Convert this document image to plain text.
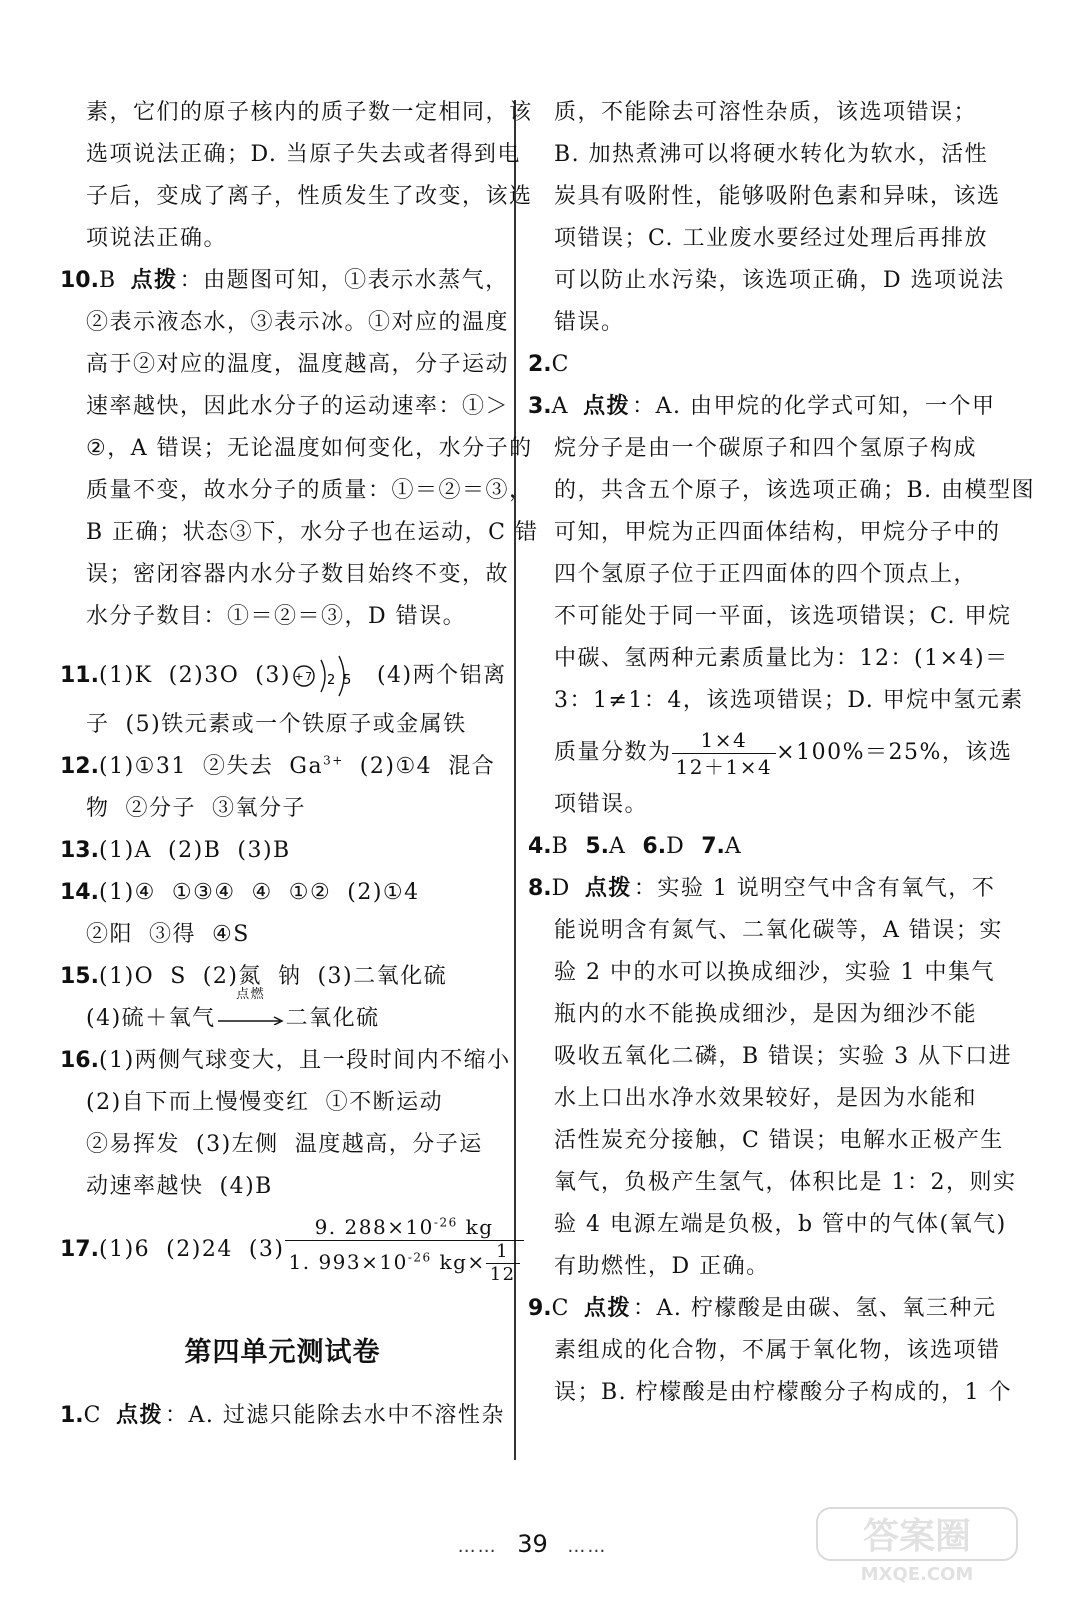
素，它们的原子核内的质子数一定相同，该

选项说法正确；D. 当原子失去或者得到电

子后，变成了离子，性质发生了改变，该选

项说法正确。

10.B 点拨：由题图可知，①表示水蒸气，

②表示液态水，③表示冰。①对应的温度

高于②对应的温度，温度越高，分子运动

速率越快，因此水分子的运动速率：①＞

②，A 错误；无论温度如何变化，水分子的

质量不变，故水分子的质量：①＝②＝③，

B 正确；状态③下，水分子也在运动，C 错

误；密闭容器内水分子数目始终不变，故

水分子数目：①＝②＝③，D 错误。

11.(1)K (2)3O (3) +7 2 5 (4)两个铝离

子 (5)铁元素或一个铁原子或金属铁

12.(1)①31 ②失去 $Ga^{3+}$ (2)①4 混合

物 ②分子 ③氧分子

13.(1)A (2)B (3)B

14.(1)④ ①③④ ④ ①② (2)①4

②阳 ③得 ④S

15.(1)O S (2)氮 钠 (3)二氧化硫

(4)硫＋氧气
点燃
二氧化硫

16.(1)两侧气球变大，且一段时间内不缩小

(2)自下而上慢慢变红 ①不断运动

②易挥发 (3)左侧 温度越高，分子运

动速率越快 (4)B

17.(1)6 (2)24 $(3) \frac{9. 288\times 10^{-26} kg}{1. 993\times 10^{-26} kg\times \frac{1}{12}}$

第四单元测试卷

1.C 点拨：A. 过滤只能除去水中不溶性杂

质，不能除去可溶性杂质，该选项错误；

B. 加热煮沸可以将硬水转化为软水，活性

炭具有吸附性，能够吸附色素和异味，该选

项错误；C. 工业废水要经过处理后再排放

可以防止水污染，该选项正确，D 选项说法

错误。

2.C

3.A 点拨：A. 由甲烷的化学式可知，一个甲

烷分子是由一个碳原子和四个氢原子构成

的，共含五个原子，该选项正确；B. 由模型图

可知，甲烷为正四面体结构，甲烷分子中的

四个氢原子位于正四面体的四个顶点上，

不可能处于同一平面，该选项错误；C. 甲烷

中碳、氢两种元素质量比为：12：(1×4)＝

3：1≠1：4，该选项错误；D. 甲烷中氢元素

质量分数为 $\frac{1\times 4}{12+1\times 4} \times 100\%=25\%$，该选

项错误。

4.B 5.A 6.D 7.A

8.D 点拨：实验 1 说明空气中含有氧气，不

能说明含有氮气、二氧化碳等，A 错误；实

验 2 中的水可以换成细沙，实验 1 中集气

瓶内的水不能换成细沙，是因为细沙不能

吸收五氧化二磷，B 错误；实验 3 从下口进

水上口出水净水效果较好，是因为水能和

活性炭充分接触，C 错误；电解水正极产生

氧气，负极产生氢气，体积比是 1：2，则实

验 4 电源左端是负极，b 管中的气体(氧气)

有助燃性，D 正确。

9.C 点拨：A. 柠檬酸是由碳、氢、氧三种元

素组成的化合物，不属于氧化物，该选项错

误；B. 柠檬酸是由柠檬酸分子构成的，1 个

…… 39 ……	答案圈
MXQE.COM
